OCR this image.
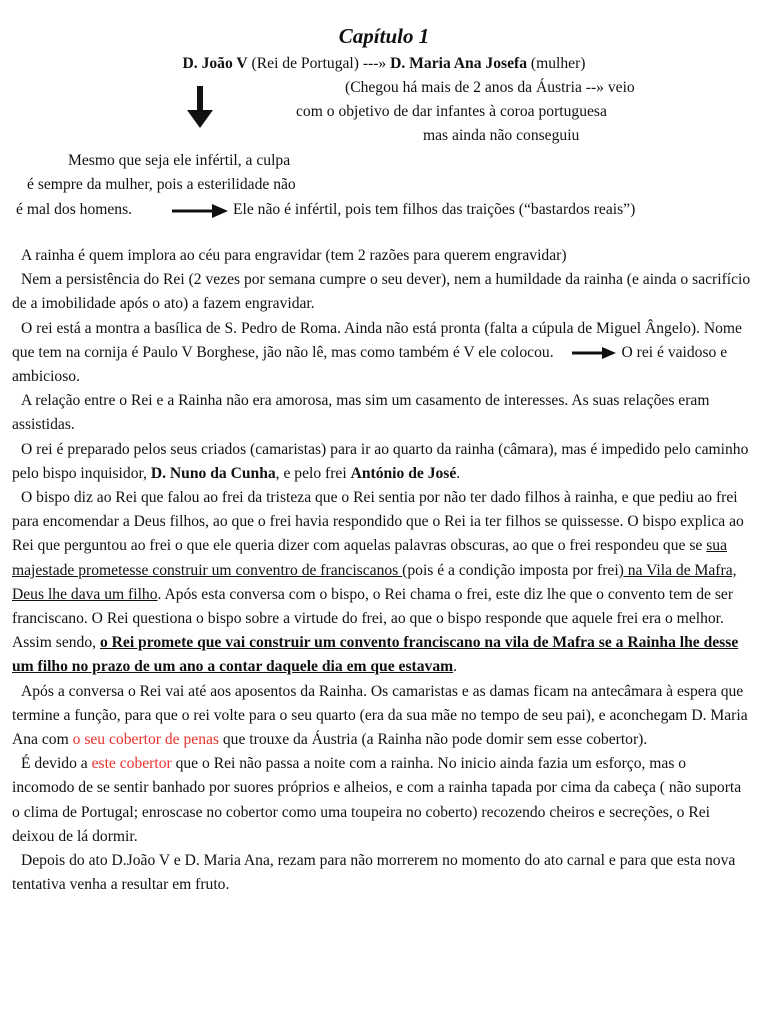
Capítulo 1
D. João V (Rei de Portugal) ---» D. Maria Ana Josefa (mulher)
(Chegou há mais de 2 anos da Áustria --» veio
com o objetivo de dar infantes à coroa portuguesa
mas ainda não conseguiu
Mesmo que seja ele infértil, a culpa
é sempre da mulher, pois a esterilidade não
é mal dos homens.	Ele não é infértil, pois tem filhos das traições (“bastardos reais”)

A rainha é quem implora ao céu para engravidar (tem 2 razões para querem engravidar)

Nem a persistência do Rei (2 vezes por semana cumpre o seu dever), nem a humildade da rainha (e ainda o sacrifício de a imobilidade após o ato) a fazem engravidar.

O rei está a montra a basílica de S. Pedro de Roma. Ainda não está pronta (falta a cúpula de Miguel Ângelo). Nome que tem na cornija é Paulo V Borghese, jão não lê, mas como também é V ele colocou.	O rei é vaidoso e ambicioso.

A relação entre o Rei e a Rainha não era amorosa, mas sim um casamento de interesses. As suas relações eram assistidas.

O rei é preparado pelos seus criados (camaristas) para ir ao quarto da rainha (câmara), mas é impedido pelo caminho pelo bispo inquisidor, D. Nuno da Cunha, e pelo frei António de José.

O bispo diz ao Rei que falou ao frei da tristeza que o Rei sentia por não ter dado filhos à rainha, e que pediu ao frei para encomendar a Deus filhos, ao que o frei havia respondido que o Rei ia ter filhos se quissesse. O bispo explica ao Rei que perguntou ao frei o que ele queria dizer com aquelas palavras obscuras, ao que o frei respondeu que se sua majestade prometesse construir um conventro de franciscanos (pois é a condição imposta por frei) na Vila de Mafra, Deus lhe dava um filho. Após esta conversa com o bispo, o Rei chama o frei, este diz lhe que o convento tem de ser franciscano. O Rei questiona o bispo sobre a virtude do frei, ao que o bispo responde que aquele frei era o melhor. Assim sendo, o Rei promete que vai construir um convento franciscano na vila de Mafra se a Rainha lhe desse um filho no prazo de um ano a contar daquele dia em que estavam.

Após a conversa o Rei vai até aos aposentos da Rainha. Os camaristas e as damas ficam na antecâmara à espera que termine a função, para que o rei volte para o seu quarto (era da sua mãe no tempo de seu pai), e aconchegam D. Maria Ana com o seu cobertor de penas que trouxe da Áustria (a Rainha não pode domir sem esse cobertor).

É devido a este cobertor que o Rei não passa a noite com a rainha. No inicio ainda fazia um esforço, mas o incomodo de se sentir banhado por suores próprios e alheios, e com a rainha tapada por cima da cabeça ( não suporta o clima de Portugal; enroscase no cobertor como uma toupeira no coberto) recozendo cheiros e secreções, o Rei deixou de lá dormir.

Depois do ato D.João V e D. Maria Ana, rezam para não morrerem no momento do ato carnal e para que esta nova tentativa venha a resultar em fruto.
